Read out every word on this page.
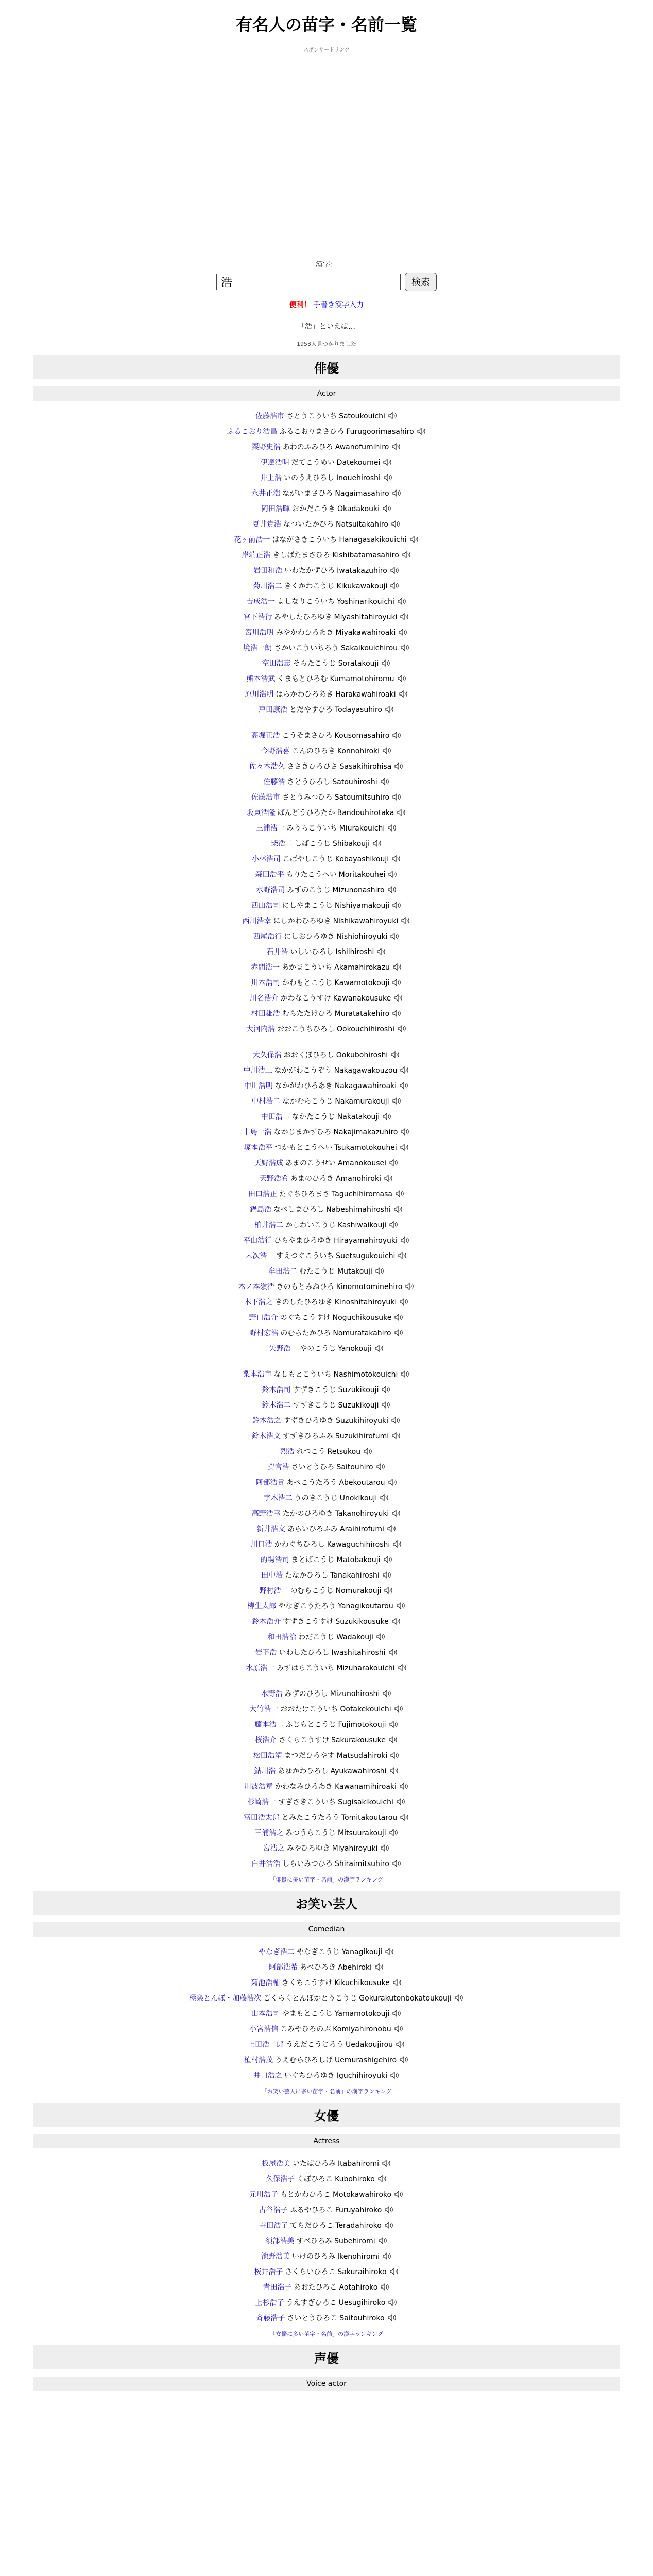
有名人の苗字・名前一覧
スポンサードリンク
漢字：
浩
検索
便利！ 手書き漢字入力
「浩」といえば…
1953人見つかりました
俳優
Actor
佐藤浩市 さとうこういち Satoukouichi
ふるこおり浩昌 ふるこおりまさひろ Furugoorimasahiro
粟野史浩 あわのふみひろ Awanofumihiro
伊達浩明 だてこうめい Datekoumei
井上浩 いのうえひろし Inouehiroshi
永井正浩 ながいまさひろ Nagaimasahiro
岡田浩暉 おかだこうき Okadakouki
夏井貴浩 なついたかひろ Natsuitakahiro
花ヶ前浩一 はながさきこういち Hanagasakikouichi
岸端正浩 きしばたまさひろ Kishibatamasahiro
岩田和浩 いわたかずひろ Iwatakazuhiro
菊川浩二 きくかわこうじ Kikukawakouji
吉成浩一 よしなりこういち Yoshinarikouichi
宮下浩行 みやしたひろゆき Miyashitahiroyuki
宮川浩明 みやかわひろあき Miyakawahiroaki
境浩一朗 さかいこういちろう Sakaikouichirou
空田浩志 そらたこうじ Soratakouji
熊本浩武 くまもとひろむ Kumamotohiromu
原川浩明 はらかわひろあき Harakawahiroaki
戸田康浩 とだやすひろ Todayasuhiro
高堀正浩 こうそまさひろ Kousomasahiro
今野浩喜 こんのひろき Konnohiroki
佐々木浩久 ささきひろひさ Sasakihirohisa
佐藤浩 さとうひろし Satouhiroshi
佐藤浩市 さとうみつひろ Satoumitsuhiro
坂東浩隆 ばんどうひろたか Bandouhirotaka
三浦浩一 みうらこういち Miurakouichi
柴浩二 しばこうじ Shibakouji
小林浩司 こばやしこうじ Kobayashikouji
森田浩平 もりたこうへい Moritakouhei
水野浩司 みずのこうじ Mizunonashiro
西山浩司 にしやまこうじ Nishiyamakouji
西川浩幸 にしかわひろゆき Nishikawahiroyuki
西尾浩行 にしおひろゆき Nishiohiroyuki
石井浩 いしいひろし Ishiihiroshi
赤間浩一 あかまこういち Akamahirokazu
川本浩司 かわもとこうじ Kawamotokouji
川名浩介 かわなこうすけ Kawanakousuke
村田雄浩 むらたたけひろ Muratatakehiro
大河内浩 おおこうちひろし Ookouchihiroshi
大久保浩 おおくぼひろし Ookubohiroshi
中川浩三 なかがわこうぞう Nakagawakouzou
中川浩明 なかがわひろあき Nakagawahiroaki
中村浩二 なかむらこうじ Nakamurakouji
中田浩二 なかたこうじ Nakatakouji
中島一浩 なかじまかずひろ Nakajimakazuhiro
塚本浩平 つかもとこうへい Tsukamotokouhei
天野浩成 あまのこうせい Amanokousei
天野浩希 あまのひろき Amanohiroki
田口浩正 たぐちひろまさ Taguchihiromasa
鍋島浩 なべしまひろし Nabeshimahiroshi
柏井浩二 かしわいこうじ Kashiwaikouji
平山浩行 ひらやまひろゆき Hirayamahiroyuki
末次浩一 すえつぐこういち Suetsugukouichi
牟田浩二 むたこうじ Mutakouji
木ノ本嶺浩 きのもとみねひろ Kinomotominehiro
木下浩之 きのしたひろゆき Kinoshitahiroyuki
野口浩介 のぐちこうすけ Noguchikousuke
野村宏浩 のむらたかひろ Nomuratakahiro
矢野浩二 やのこうじ Yanokouji
梨本浩市 なしもとこういち Nashimotokouichi
鈴木浩司 すずきこうじ Suzukikouji
鈴木浩二 すずきこうじ Suzukikouji
鈴木浩之 すずきひろゆき Suzukihiroyuki
鈴木浩文 すずきひろふみ Suzukihirofumi
烈浩 れつこう Retsukou
齋官浩 さいとうひろ Saitouhiro
阿部浩貴 あべこうたろう Abekoutarou
宇木浩二 うのきこうじ Unokikouji
高野浩幸 たかのひろゆき Takanohiroyuki
新井浩文 あらいひろふみ Araihirofumi
川口浩 かわぐちひろし Kawaguchihiroshi
的場浩司 まとばこうじ Matobakouji
田中浩 たなかひろし Tanakahiroshi
野村浩二 のむらこうじ Nomurakouji
柳生太郎 やなぎこうたろう Yanagikoutarou
鈴木浩介 すずきこうすけ Suzukikousuke
和田浩治 わだこうじ Wadakouji
岩下浩 いわしたひろし Iwashitahiroshi
水原浩一 みずはらこういち Mizuharakouichi
水野浩 みずのひろし Mizunohiroshi
大竹浩一 おおたけこういち Ootakekouichi
藤本浩二 ふじもとこうじ Fujimotokouji
桜浩介 さくらこうすけ Sakurakousuke
松田浩靖 まつだひろやす Matsudahiroki
鮎川浩 あゆかわひろし Ayukawahiroshi
川波浩章 かわなみひろあき Kawanamihiroaki
杉崎浩一 すぎさきこういち Sugisakikouichi
冨田浩太郎 とみたこうたろう Tomitakoutarou
三浦浩之 みつうらこうじ Mitsuurakouji
宮浩之 みやひろゆき Miyahiroyuki
白井浩浩 しらいみつひろ Shiraimitsuhiro
「俳優に多い苗字・名前」の漢字ランキング
お笑い芸人
Comedian
やなぎ浩二 やなぎこうじ Yanagikouji
阿部浩希 あべひろき Abehiroki
菊池浩輔 きくちこうすけ Kikuchikousuke
極楽とんぼ・加藤浩次 ごくらくとんぼかとうこうじ Gokurakutonbokatoukouji
山本浩司 やまもとこうじ Yamamotokouji
小宮浩信 こみやひろのぶ Komiyahironobu
上田浩二郎 うえだこうじろう Uedakoujirou
植村浩茂 うえむらひろしげ Uemurashigehiro
井口浩之 いぐちひろゆき Iguchihiroyuki
「お笑い芸人に多い苗字・名前」の漢字ランキング
女優
Actress
板屋浩美 いたばひろみ Itabahiromi
久保浩子 くぼひろこ Kubohiroko
元川浩子 もとかわひろこ Motokawahiroko
古谷浩子 ふるやひろこ Furuyahiroko
寺田浩子 てらだひろこ Teradahiroko
須部浩美 すべひろみ Subehiromi
池野浩美 いけのひろみ Ikenohiromi
桜井浩子 さくらいひろこ Sakuraihiroko
青田浩子 あおたひろこ Aotahiroko
上杉浩子 うえすぎひろこ Uesugihiroko
斉藤浩子 さいとうひろこ Saitouhiroko
「女優に多い苗字・名前」の漢字ランキング
声優
Voice actor
